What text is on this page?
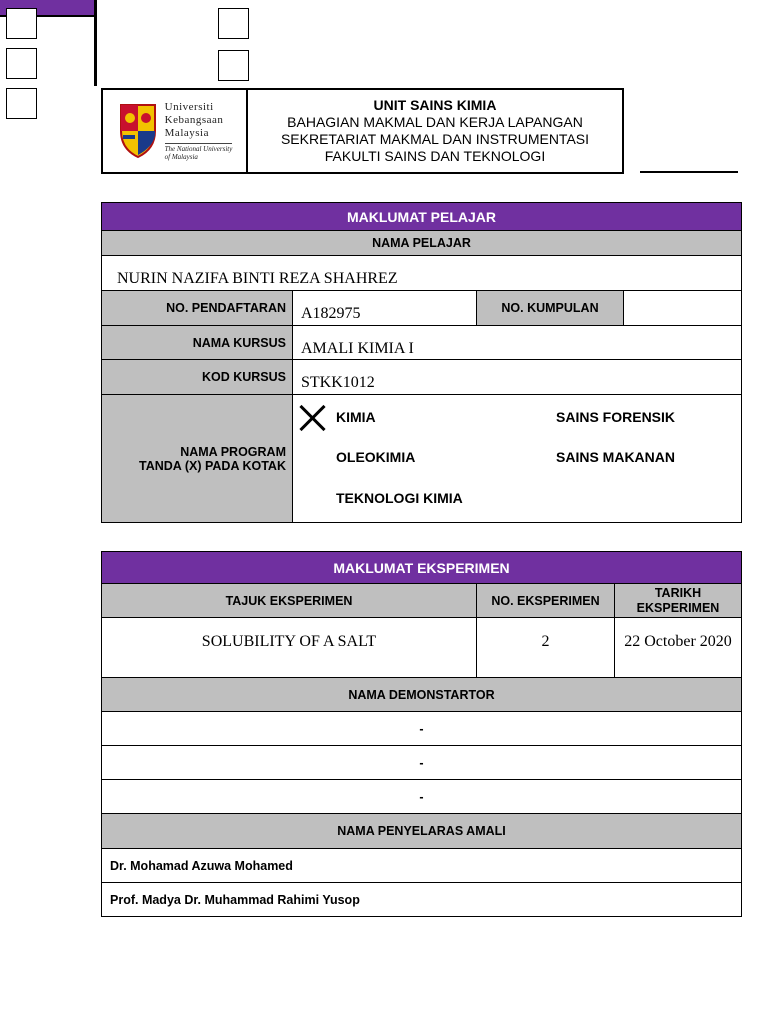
Universiti
Kebangsaan
Malaysia
The National University
of Malaysia
UNIT SAINS KIMIA
BAHAGIAN MAKMAL DAN KERJA LAPANGAN
SEKRETARIAT MAKMAL DAN INSTRUMENTASI
FAKULTI SAINS DAN TEKNOLOGI
MAKLUMAT PELAJAR
NAMA PELAJAR
NURIN NAZIFA BINTI REZA SHAHREZ
NO. PENDAFTARAN A182975	NO. KUMPULAN
NAMA KURSUS AMALI KIMIA I
KOD KURSUS STKK1012
NAMA PROGRAM
TANDA (X) PADA KOTAK
KIMIA	SAINS FORENSIK
OLEOKIMIA	SAINS MAKANAN
TEKNOLOGI KIMIA
MAKLUMAT EKSPERIMEN
TAJUK EKSPERIMEN	NO. EKSPERIMEN
TARIKH
EKSPERIMEN
SOLUBILITY OF A SALT	2	22 October 2020
NAMA DEMONSTARTOR
-
-
-
NAMA PENYELARAS AMALI
Dr. Mohamad Azuwa Mohamed
Prof. Madya Dr. Muhammad Rahimi Yusop
